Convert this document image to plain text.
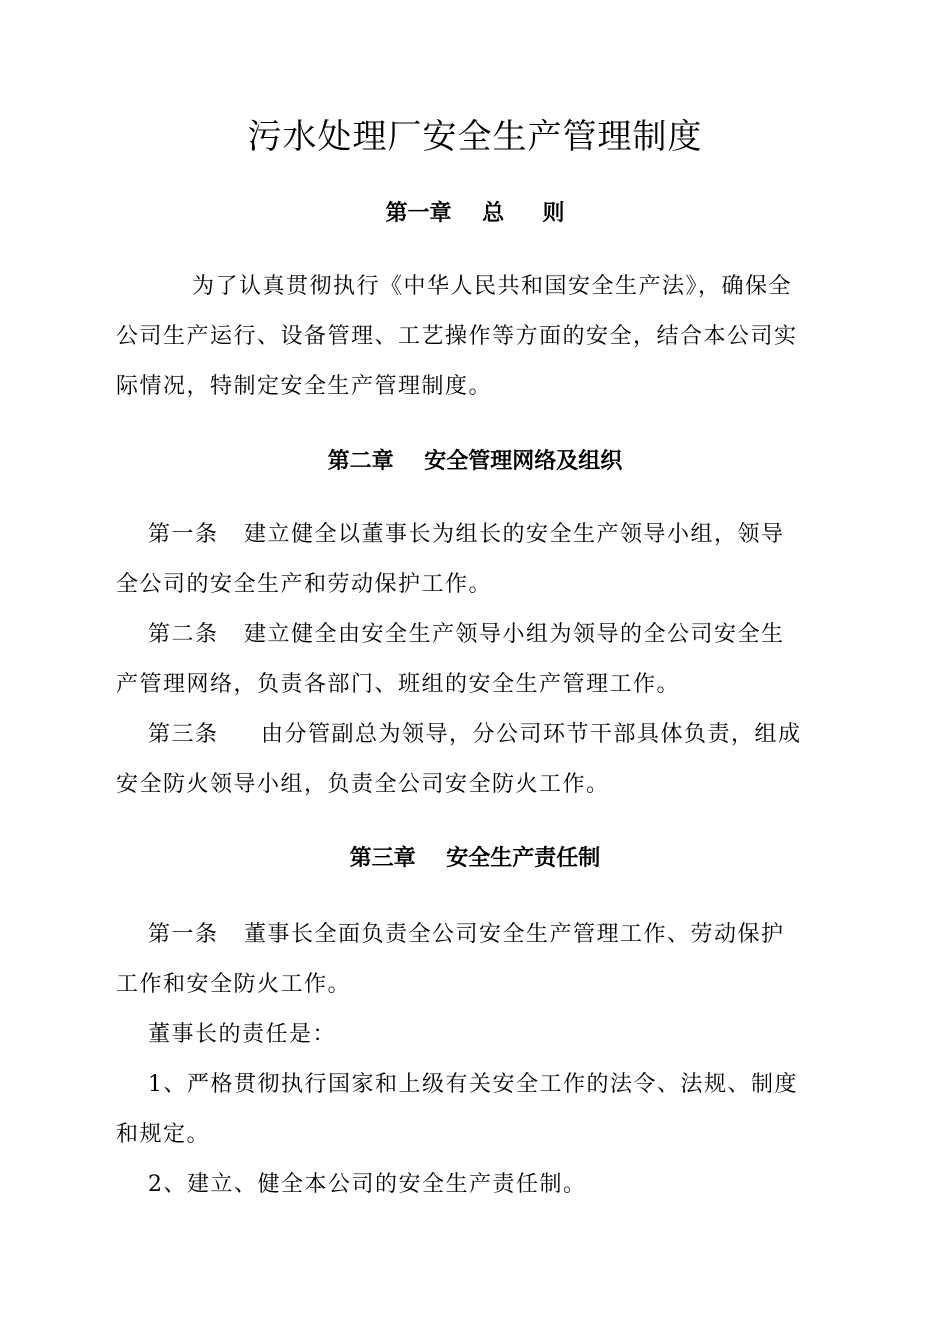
污水处理厂安全生产管理制度
第一章    总     则
为了认真贯彻执行《中华人民共和国安全生产法》，确保全
公司生产运行、设备管理、工艺操作等方面的安全，结合本公司实
际情况，特制定安全生产管理制度。
第二章    安全管理网络及组织
第一条   建立健全以董事长为组长的安全生产领导小组，领导
全公司的安全生产和劳动保护工作。
第二条   建立健全由安全生产领导小组为领导的全公司安全生
产管理网络，负责各部门、班组的安全生产管理工作。
第三条     由分管副总为领导，分公司环节干部具体负责，组成
安全防火领导小组，负责全公司安全防火工作。
第三章    安全生产责任制
第一条   董事长全面负责全公司安全生产管理工作、劳动保护
工作和安全防火工作。
董事长的责任是：
1、严格贯彻执行国家和上级有关安全工作的法令、法规、制度
和规定。
2、建立、健全本公司的安全生产责任制。
